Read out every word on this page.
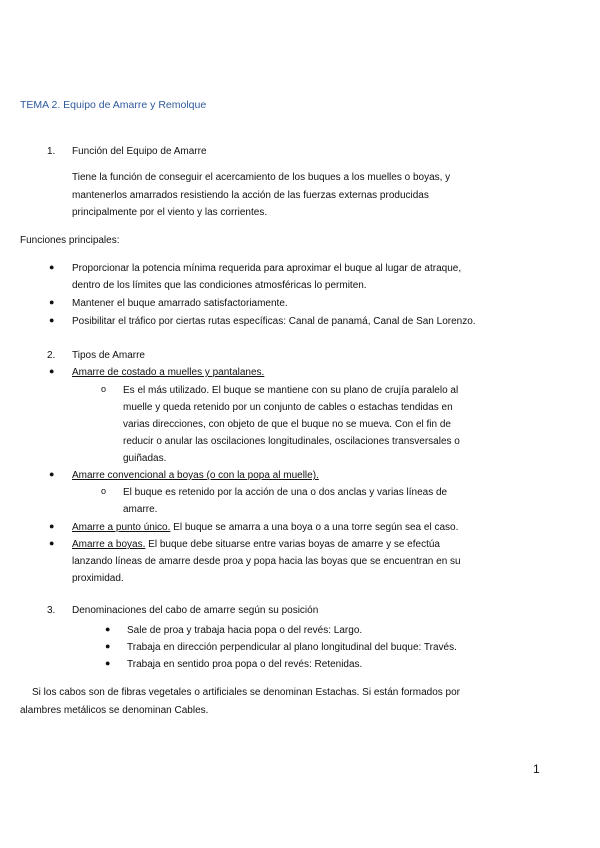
TEMA 2. Equipo de Amarre y Remolque
1. Función del Equipo de Amarre
Tiene la función de conseguir el acercamiento de los buques a los muelles o boyas, y
mantenerlos amarrados resistiendo la acción de las fuerzas externas producidas
principalmente por el viento y las corrientes.
Funciones principales:
● Proporcionar la potencia mínima requerida para aproximar el buque al lugar de atraque,
dentro de los límites que las condiciones atmosféricas lo permiten.
● Mantener el buque amarrado satisfactoriamente.
● Posibilitar el tráfico por ciertas rutas específicas: Canal de panamá, Canal de San Lorenzo.
2. Tipos de Amarre
● Amarre de costado a muelles y pantalanes.
o Es el más utilizado. El buque se mantiene con su plano de crujía paralelo al
muelle y queda retenido por un conjunto de cables o estachas tendidas en
varias direcciones, con objeto de que el buque no se mueva. Con el fin de
reducir o anular las oscilaciones longitudinales, oscilaciones transversales o
guiñadas.
● Amarre convencional a boyas (o con la popa al muelle).
o El buque es retenido por la acción de una o dos anclas y varias líneas de
amarre.
● Amarre a punto único. El buque se amarra a una boya o a una torre según sea el caso.
● Amarre a boyas. El buque debe situarse entre varias boyas de amarre y se efectúa
lanzando líneas de amarre desde proa y popa hacia las boyas que se encuentran en su
proximidad.
3. Denominaciones del cabo de amarre según su posición
● Sale de proa y trabaja hacia popa o del revés: Largo.
● Trabaja en dirección perpendicular al plano longitudinal del buque: Través.
● Trabaja en sentido proa popa o del revés: Retenidas.
Si los cabos son de fibras vegetales o artificiales se denominan Estachas. Si están formados por
alambres metálicos se denominan Cables.
1
